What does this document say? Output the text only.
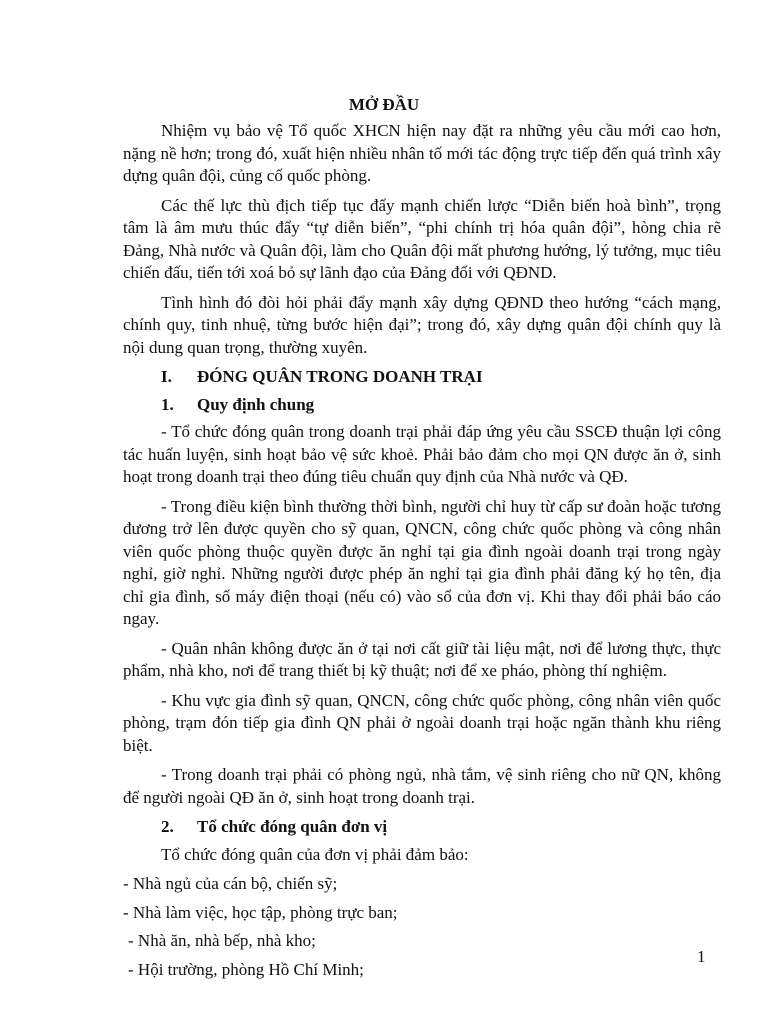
MỞ ĐẦU

Nhiệm vụ bảo vệ Tổ quốc XHCN hiện nay đặt ra những yêu cầu mới cao hơn, nặng nề hơn; trong đó, xuất hiện nhiều nhân tố mới tác động trực tiếp đến quá trình xây dựng quân đội, củng cố quốc phòng.

Các thế lực thù địch tiếp tục đẩy mạnh chiến lược “Diễn biến hoà bình”, trọng tâm là âm mưu thúc đẩy “tự diễn biến”, “phi chính trị hóa quân đội”, hòng chia rẽ Đảng, Nhà nước và Quân đội, làm cho Quân đội mất phương hướng, lý tưởng, mục tiêu chiến đấu, tiến tới xoá bỏ sự lãnh đạo của Đảng đối với QĐND.

Tình hình đó đòi hỏi phải đẩy mạnh xây dựng QĐND theo hướng “cách mạng, chính quy, tinh nhuệ, từng bước hiện đại”; trong đó, xây dựng quân đội chính quy là nội dung quan trọng, thường xuyên.

I. ĐÓNG QUÂN TRONG DOANH TRẠI
1. Quy định chung

- Tổ chức đóng quân trong doanh trại phải đáp ứng yêu cầu SSCĐ thuận lợi công tác huấn luyện, sinh hoạt bảo vệ sức khoẻ. Phải bảo đảm cho mọi QN được ăn ở, sinh hoạt trong doanh trại theo đúng tiêu chuẩn quy định của Nhà nước và QĐ.

- Trong điều kiện bình thường thời bình, người chỉ huy từ cấp sư đoàn hoặc tương đương trở lên được quyền cho sỹ quan, QNCN, công chức quốc phòng và công nhân viên quốc phòng thuộc quyền được ăn nghỉ tại gia đình ngoài doanh trại trong ngày nghỉ, giờ nghỉ. Những người được phép ăn nghỉ tại gia đình phải đăng ký họ tên, địa chỉ gia đình, số máy điện thoại (nếu có) vào sổ của đơn vị. Khi thay đổi phải báo cáo ngay.

- Quân nhân không được ăn ở tại nơi cất giữ tài liệu mật, nơi để lương thực, thực phẩm, nhà kho, nơi để trang thiết bị kỹ thuật; nơi để xe pháo, phòng thí nghiệm.

- Khu vực gia đình sỹ quan, QNCN, công chức quốc phòng, công nhân viên quốc phòng, trạm đón tiếp gia đình QN phải ở ngoài doanh trại hoặc ngăn thành khu riêng biệt.

- Trong doanh trại phải có phòng ngủ, nhà tắm, vệ sinh riêng cho nữ QN, không để người ngoài QĐ ăn ở, sinh hoạt trong doanh trại.

2. Tổ chức đóng quân đơn vị

Tổ chức đóng quân của đơn vị phải đảm bảo:

- Nhà ngủ của cán bộ, chiến sỹ;
- Nhà làm việc, học tập, phòng trực ban;
- Nhà ăn, nhà bếp, nhà kho;
- Hội trường, phòng Hồ Chí Minh;
1
